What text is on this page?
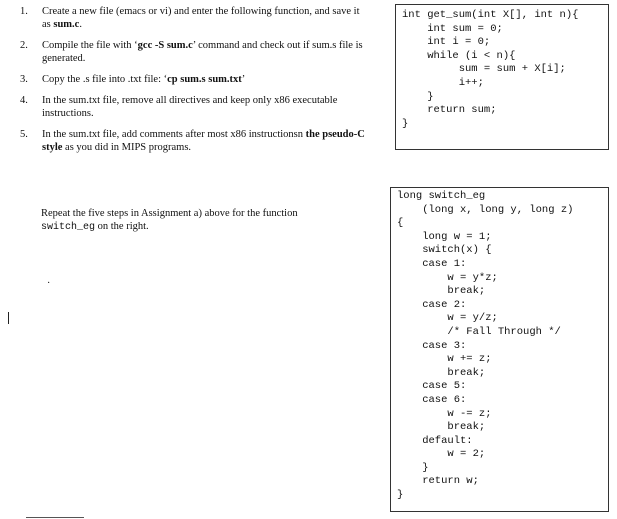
1. Create a new file (emacs or vi) and enter the following function, and save it as sum.c.
2. Compile the file with ‘gcc -S sum.c’ command and check out if sum.s file is generated.
3. Copy the .s file into .txt file: ‘cp sum.s sum.txt’
4. In the sum.txt file, remove all directives and keep only x86 executable instructions.
5. In the sum.txt file, add comments after most x86 instructionsn the pseudo-C style as you did in MIPS programs.
int get_sum(int X[], int n){
int sum = 0;
int i = 0;
while (i < n){
sum = sum + X[i];
i++;
}
return sum;
}
Repeat the five steps in Assignment a) above for the function switch_eg on the right.
·
long switch_eg
(long x, long y, long z)
{
long w = 1;
switch(x) {
case 1:
w = y*z;
break;
case 2:
w = y/z;
/* Fall Through */
case 3:
w += z;
break;
case 5:
case 6:
w -= z;
break;
default:
w = 2;
}
return w;
}
